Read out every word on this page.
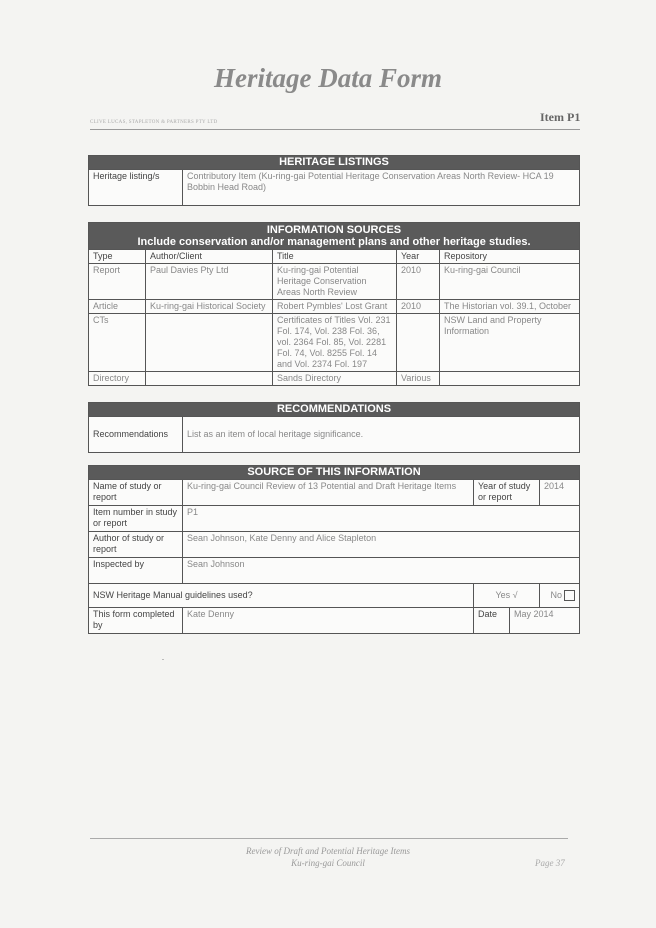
Heritage Data Form
Item P1
CLIVE LUCAS, STAPLETON & PARTNERS PTY LTD
HERITAGE LISTINGS
Heritage listing/s	Contributory Item (Ku-ring-gai Potential Heritage Conservation Areas North Review- HCA 19 Bobbin Head Road)
INFORMATION SOURCES
Include conservation and/or management plans and other heritage studies.				

Type	Author/Client	Title	Year	Repository
Report	Paul Davies Pty Ltd	Ku-ring-gai Potential Heritage Conservation Areas North Review	2010	Ku-ring-gai Council
Article	Ku-ring-gai Historical Society	Robert Pymbles' Lost Grant	2010	The Historian vol. 39.1, October
CTs		Certificates of Titles Vol. 231 Fol. 174, Vol. 238 Fol. 36, vol. 2364 Fol. 85, Vol. 2281 Fol. 74, Vol. 8255 Fol. 14 and Vol. 2374 Fol. 197		NSW Land and Property Information
Directory		Sands Directory	Various	
RECOMMENDATIONS
Recommendations	List as an item of local heritage significance.
SOURCE OF THIS INFORMATION				
Name of study or report	Ku-ring-gai Council Review of 13 Potential and Draft Heritage Items	Year of study or report		2014
Item number in study or report	P1			
Author of study or report	Sean Johnson, Kate Denny and Alice Stapleton			
Inspected by	Sean Johnson			
NSW Heritage Manual guidelines used?		Yes √		No
This form completed by	Kate Denny	Date	May 2014	
Review of Draft and Potential Heritage Items
Ku-ring-gai Council	Page 37
